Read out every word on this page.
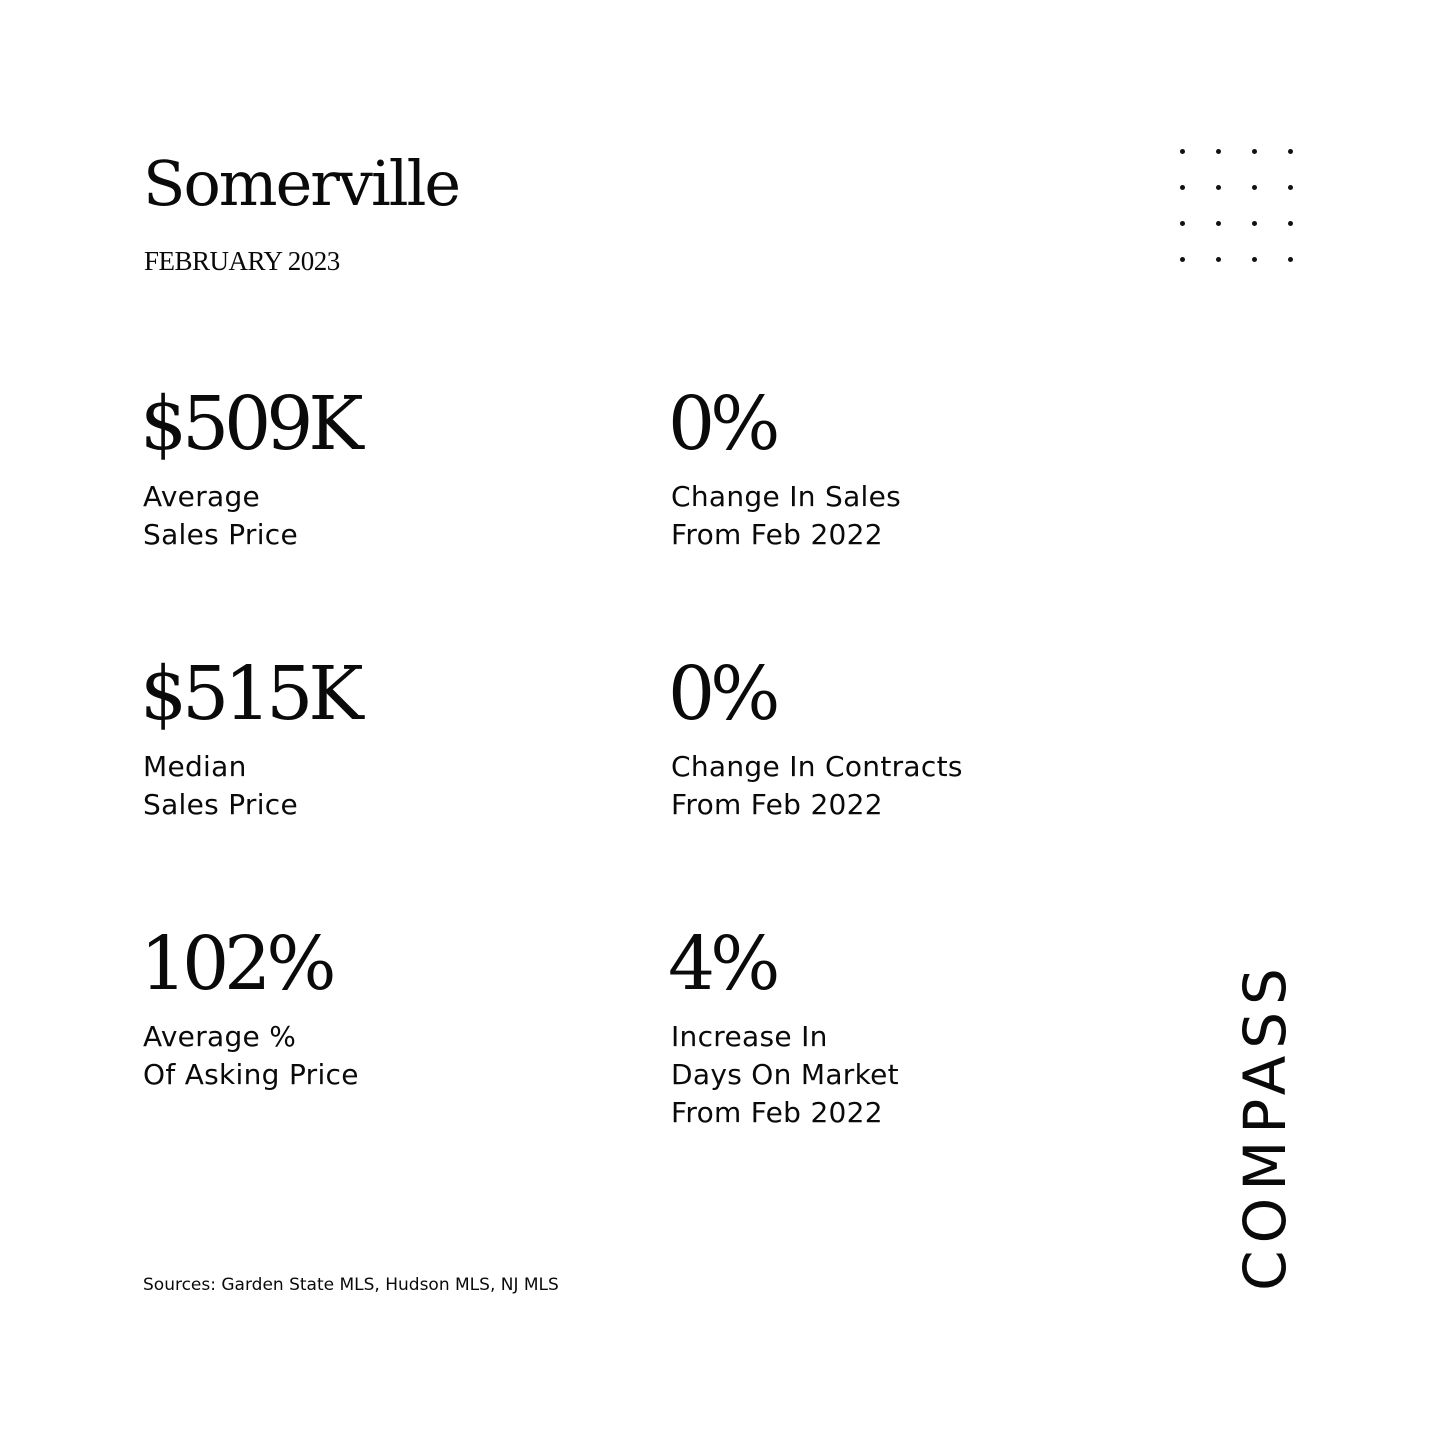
Somerville
FEBRUARY 2023
$509K
Average
Sales Price
0%
Change In Sales
From Feb 2022
$515K
Median
Sales Price
0%
Change In Contracts
From Feb 2022
102%
Average %
Of Asking Price
4%
Increase In
Days On Market
From Feb 2022
Sources: Garden State MLS, Hudson MLS, NJ MLS	COMPASS
